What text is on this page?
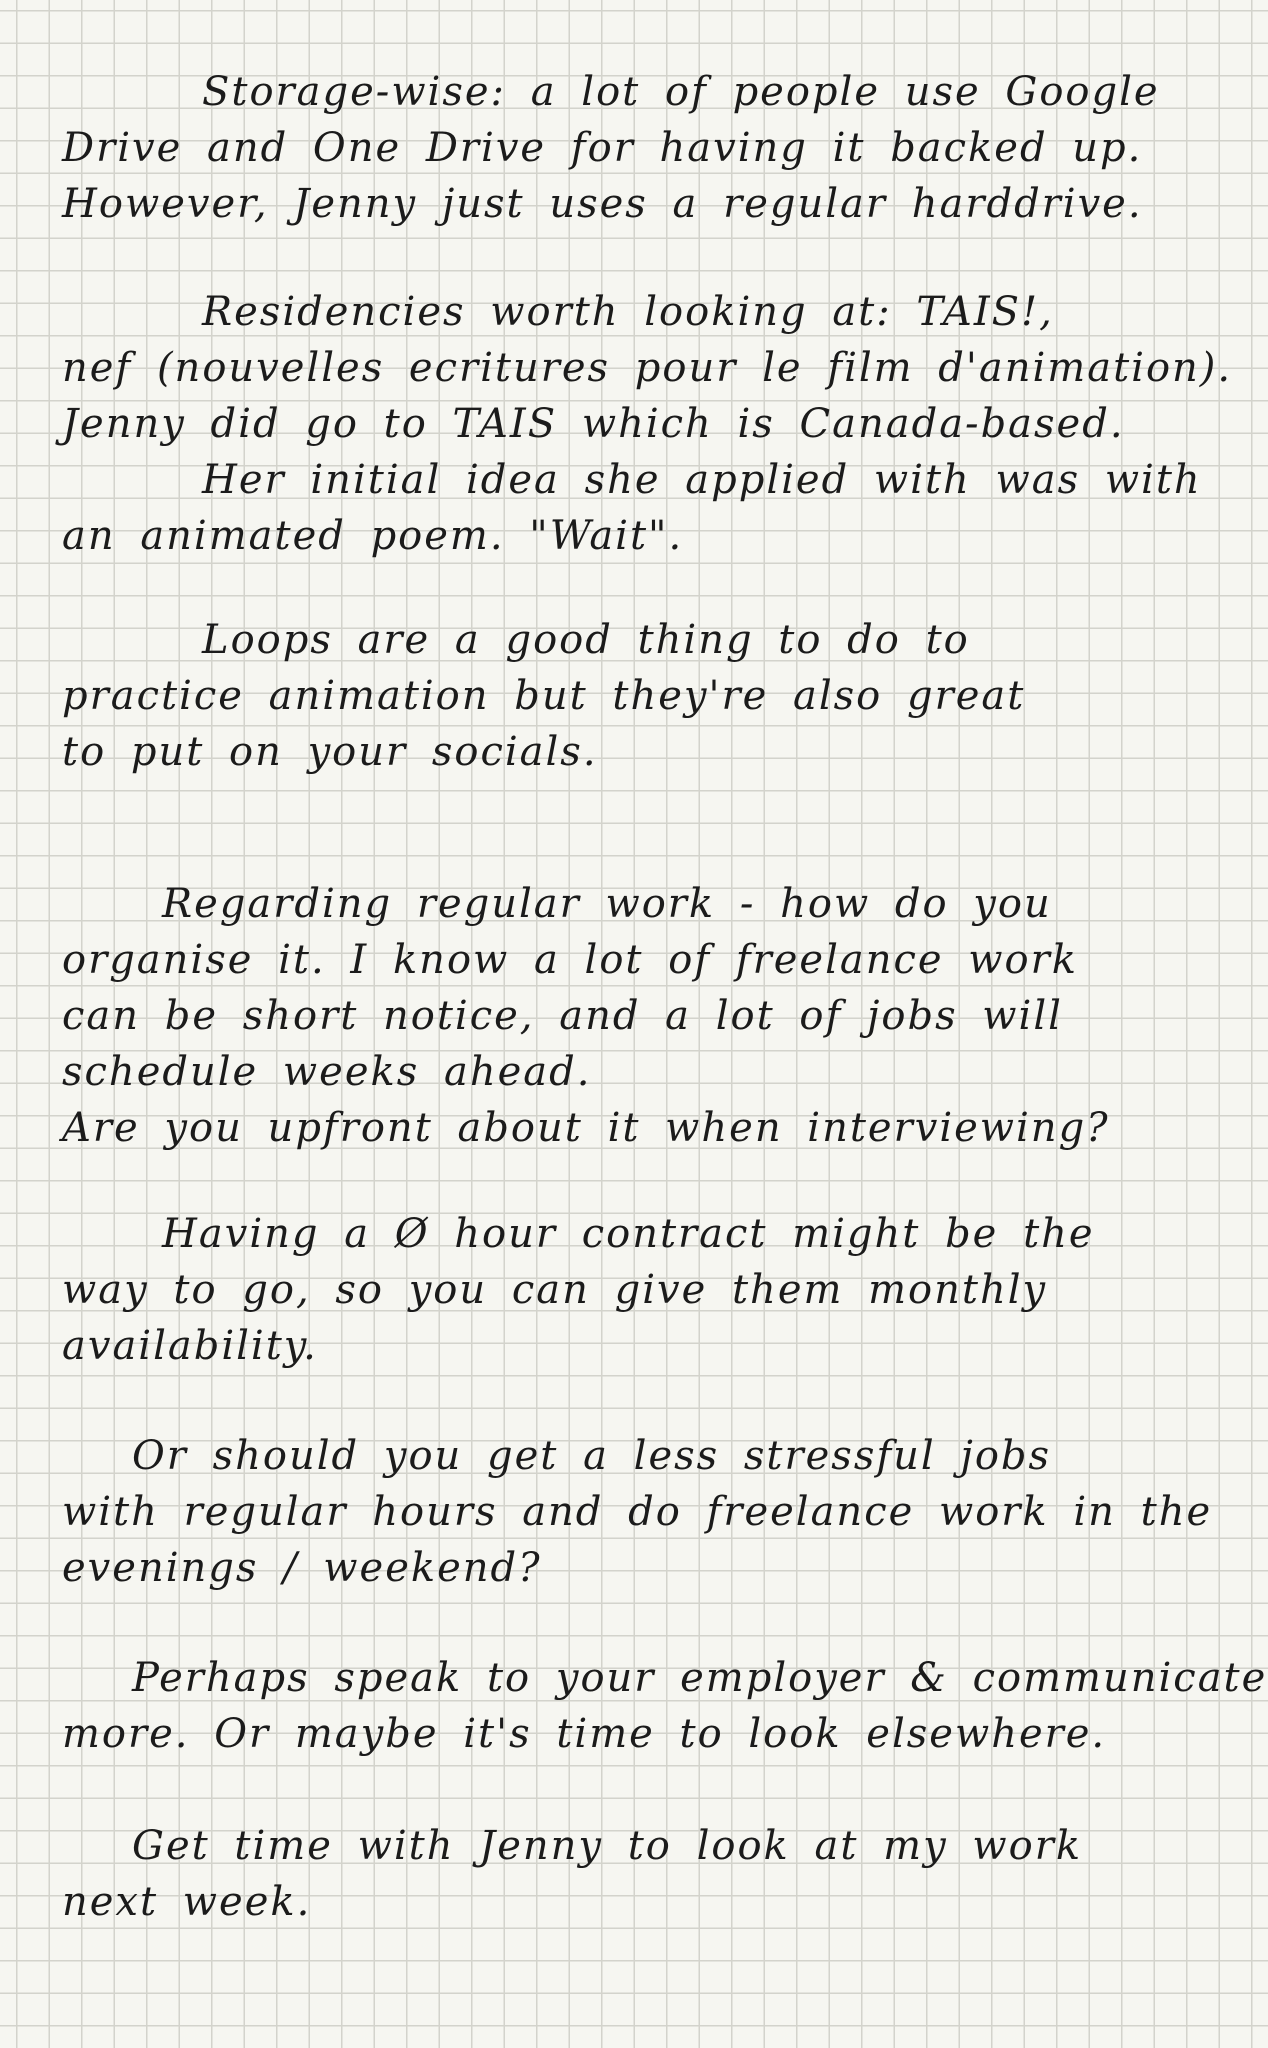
Storage-wise: a lot of people use Google
Drive and One Drive for having it backed up.
However, Jenny just uses a regular harddrive.
Residencies worth looking at: TAIS!,
nef (nouvelles ecritures pour le film d'animation).
Jenny did go to TAIS which is Canada-based.
Her initial idea she applied with was with
an animated poem. "Wait".
Loops are a good thing to do to
practice animation but they're also great
to put on your socials.
Regarding regular work - how do you
organise it. I know a lot of freelance work
can be short notice, and a lot of jobs will
schedule weeks ahead.
Are you upfront about it when interviewing?
Having a Ø hour contract might be the
way to go, so you can give them monthly
availability.
Or should you get a less stressful jobs
with regular hours and do freelance work in the
evenings / weekend?
Perhaps speak to your employer & communicate
more. Or maybe it's time to look elsewhere.
Get time with Jenny to look at my work
next week.
